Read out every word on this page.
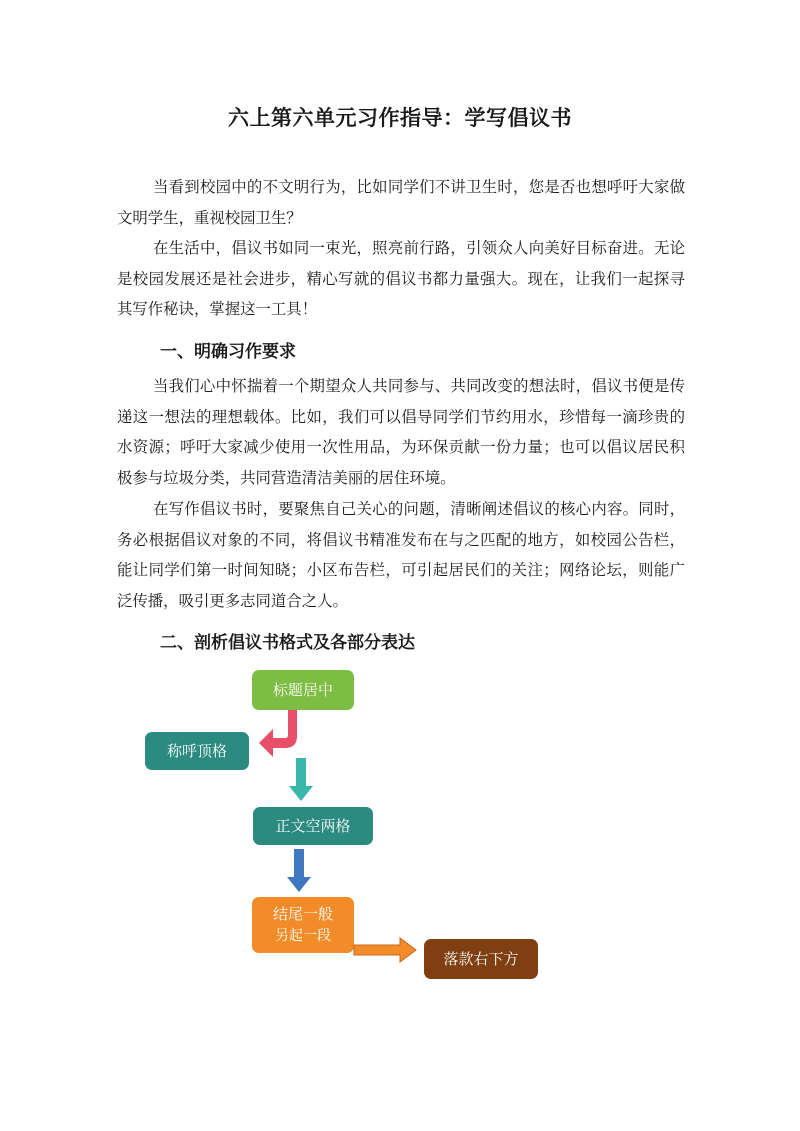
六上第六单元习作指导：学写倡议书

当看到校园中的不文明行为，比如同学们不讲卫生时，您是否也想呼吁大家做文明学生，重视校园卫生？

在生活中，倡议书如同一束光，照亮前行路，引领众人向美好目标奋进。无论是校园发展还是社会进步，精心写就的倡议书都力量强大。现在，让我们一起探寻其写作秘诀，掌握这一工具！

一、明确习作要求

当我们心中怀揣着一个期望众人共同参与、共同改变的想法时，倡议书便是传递这一想法的理想载体。比如，我们可以倡导同学们节约用水，珍惜每一滴珍贵的水资源；呼吁大家减少使用一次性用品，为环保贡献一份力量；也可以倡议居民积极参与垃圾分类，共同营造清洁美丽的居住环境。

在写作倡议书时，要聚焦自己关心的问题，清晰阐述倡议的核心内容。同时，务必根据倡议对象的不同，将倡议书精准发布在与之匹配的地方，如校园公告栏，能让同学们第一时间知晓；小区布告栏，可引起居民们的关注；网络论坛，则能广泛传播，吸引更多志同道合之人。

二、剖析倡议书格式及各部分表达
标题居中
称呼顶格
正文空两格
结尾一般
另起一段
落款右下方
